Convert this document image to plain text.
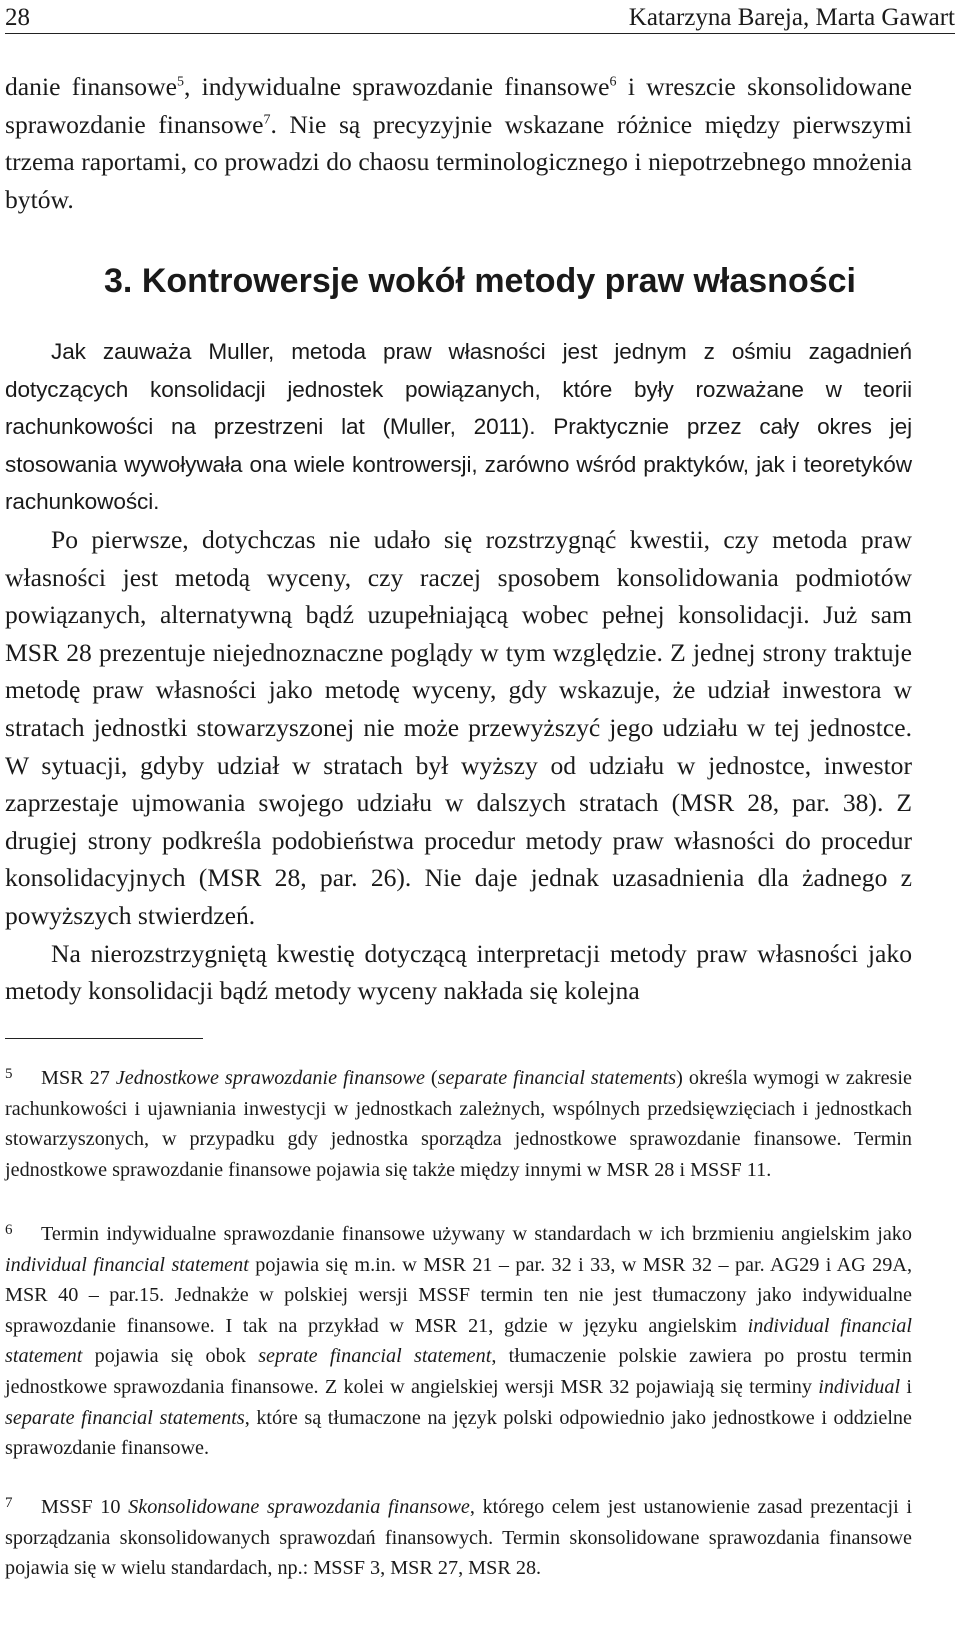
28	Katarzyna Bareja, Marta Gawart

danie finansowe$^5$, indywidualne sprawozdanie finansowe$^6$ i wreszcie skonsolidowane sprawozdanie finansowe$^7$. Nie są precyzyjnie wskazane różnice między pierwszymi trzema raportami, co prowadzi do chaosu terminologicznego i niepotrzebnego mnożenia bytów.

3. Kontrowersje wokół metody praw własności

Jak zauważa Muller, metoda praw własności jest jednym z ośmiu zagadnień dotyczących konsolidacji jednostek powiązanych, które były rozważane w teorii rachunkowości na przestrzeni lat (Muller, 2011). Praktycznie przez cały okres jej stosowania wywoływała ona wiele kontrowersji, zarówno wśród praktyków, jak i teoretyków rachunkowości.

Po pierwsze, dotychczas nie udało się rozstrzygnąć kwestii, czy metoda praw własności jest metodą wyceny, czy raczej sposobem konsolidowania podmiotów powiązanych, alternatywną bądź uzupełniającą wobec pełnej konsolidacji. Już sam MSR 28 prezentuje niejednoznaczne poglądy w tym względzie. Z jednej strony traktuje metodę praw własności jako metodę wyceny, gdy wskazuje, że udział inwestora w stratach jednostki stowarzyszonej nie może przewyższyć jego udziału w tej jednostce. W sytuacji, gdyby udział w stratach był wyższy od udziału w jednostce, inwestor zaprzestaje ujmowania swojego udziału w dalszych stratach (MSR 28, par. 38). Z drugiej strony podkreśla podobieństwa procedur metody praw własności do procedur konsolidacyjnych (MSR 28, par. 26). Nie daje jednak uzasadnienia dla żadnego z powyższych stwierdzeń.

Na nierozstrzygniętą kwestię dotyczącą interpretacji metody praw własności jako metody konsolidacji bądź metody wyceny nakłada się kolejna

5 MSR 27 Jednostkowe sprawozdanie finansowe (separate financial statements) określa wymogi w zakresie rachunkowości i ujawniania inwestycji w jednostkach zależnych, wspólnych przedsięwzięciach i jednostkach stowarzyszonych, w przypadku gdy jednostka sporządza jednostkowe sprawozdanie finansowe. Termin jednostkowe sprawozdanie finansowe pojawia się także między innymi w MSR 28 i MSSF 11.

6 Termin indywidualne sprawozdanie finansowe używany w standardach w ich brzmieniu angielskim jako individual financial statement pojawia się m.in. w MSR 21 – par. 32 i 33, w MSR 32 – par. AG29 i AG 29A, MSR 40 – par.15. Jednakże w polskiej wersji MSSF termin ten nie jest tłumaczony jako indywidualne sprawozdanie finansowe. I tak na przykład w MSR 21, gdzie w języku angielskim individual financial statement pojawia się obok seprate financial statement, tłumaczenie polskie zawiera po prostu termin jednostkowe sprawozdania finansowe. Z kolei w angielskiej wersji MSR 32 pojawiają się terminy individual i separate financial statements, które są tłumaczone na język polski odpowiednio jako jednostkowe i oddzielne sprawozdanie finansowe.

7 MSSF 10 Skonsolidowane sprawozdania finansowe, którego celem jest ustanowienie zasad prezentacji i sporządzania skonsolidowanych sprawozdań finansowych. Termin skonsolidowane sprawozdania finansowe pojawia się w wielu standardach, np.: MSSF 3, MSR 27, MSR 28.
